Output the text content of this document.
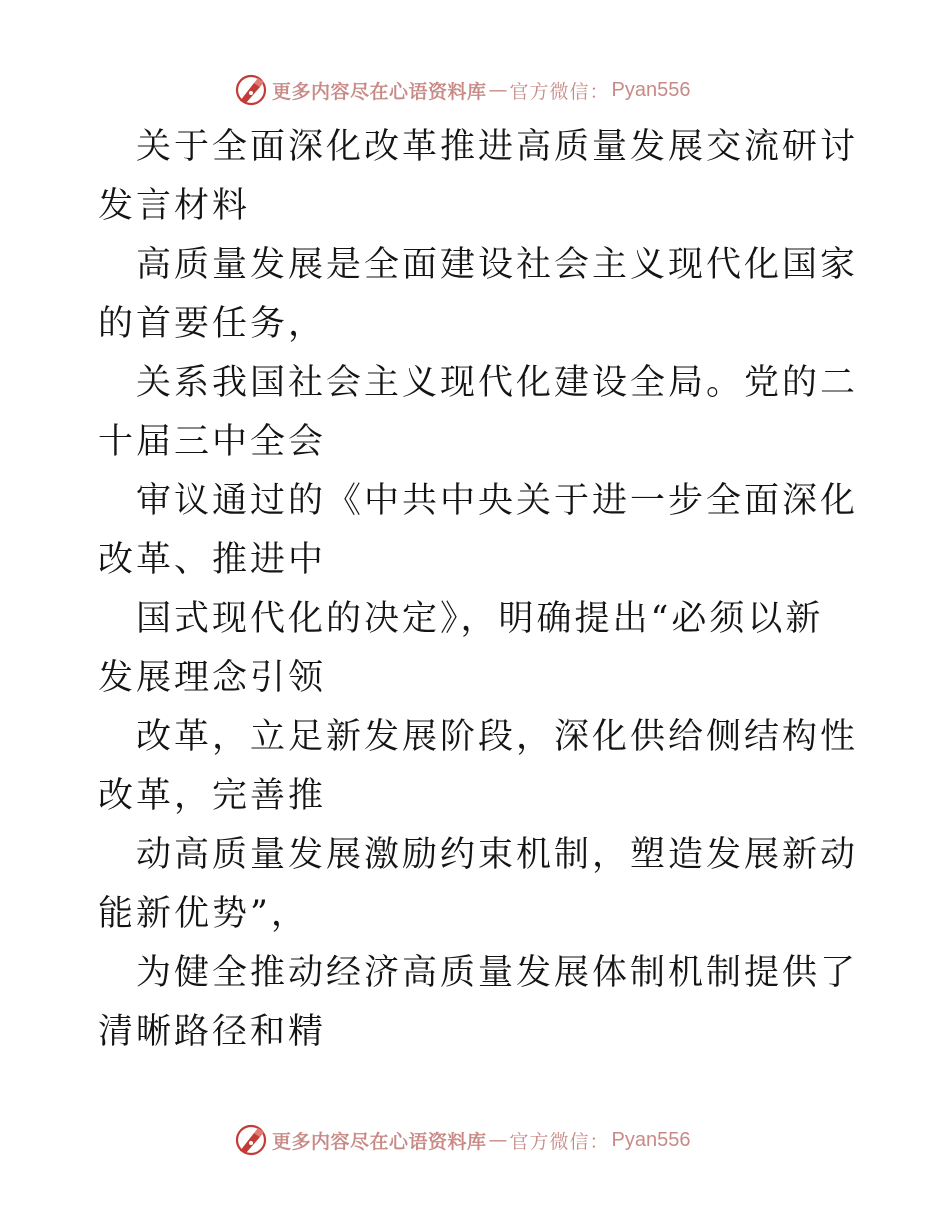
更多内容尽在心语资料库 — 官方微信： Pyan556

关于全面深化改革推进高质量发展交流研讨发言材料

高质量发展是全面建设社会主义现代化国家的首要任务，

关系我国社会主义现代化建设全局。党的二十届三中全会

审议通过的《中共中央关于进一步全面深化改革、推进中

国式现代化的决定》，明确提出“必须以新发展理念引领

改革，立足新发展阶段，深化供给侧结构性改革，完善推

动高质量发展激励约束机制，塑造发展新动能新优势”，

为健全推动经济高质量发展体制机制提供了清晰路径和精

更多内容尽在心语资料库 — 官方微信： Pyan556
